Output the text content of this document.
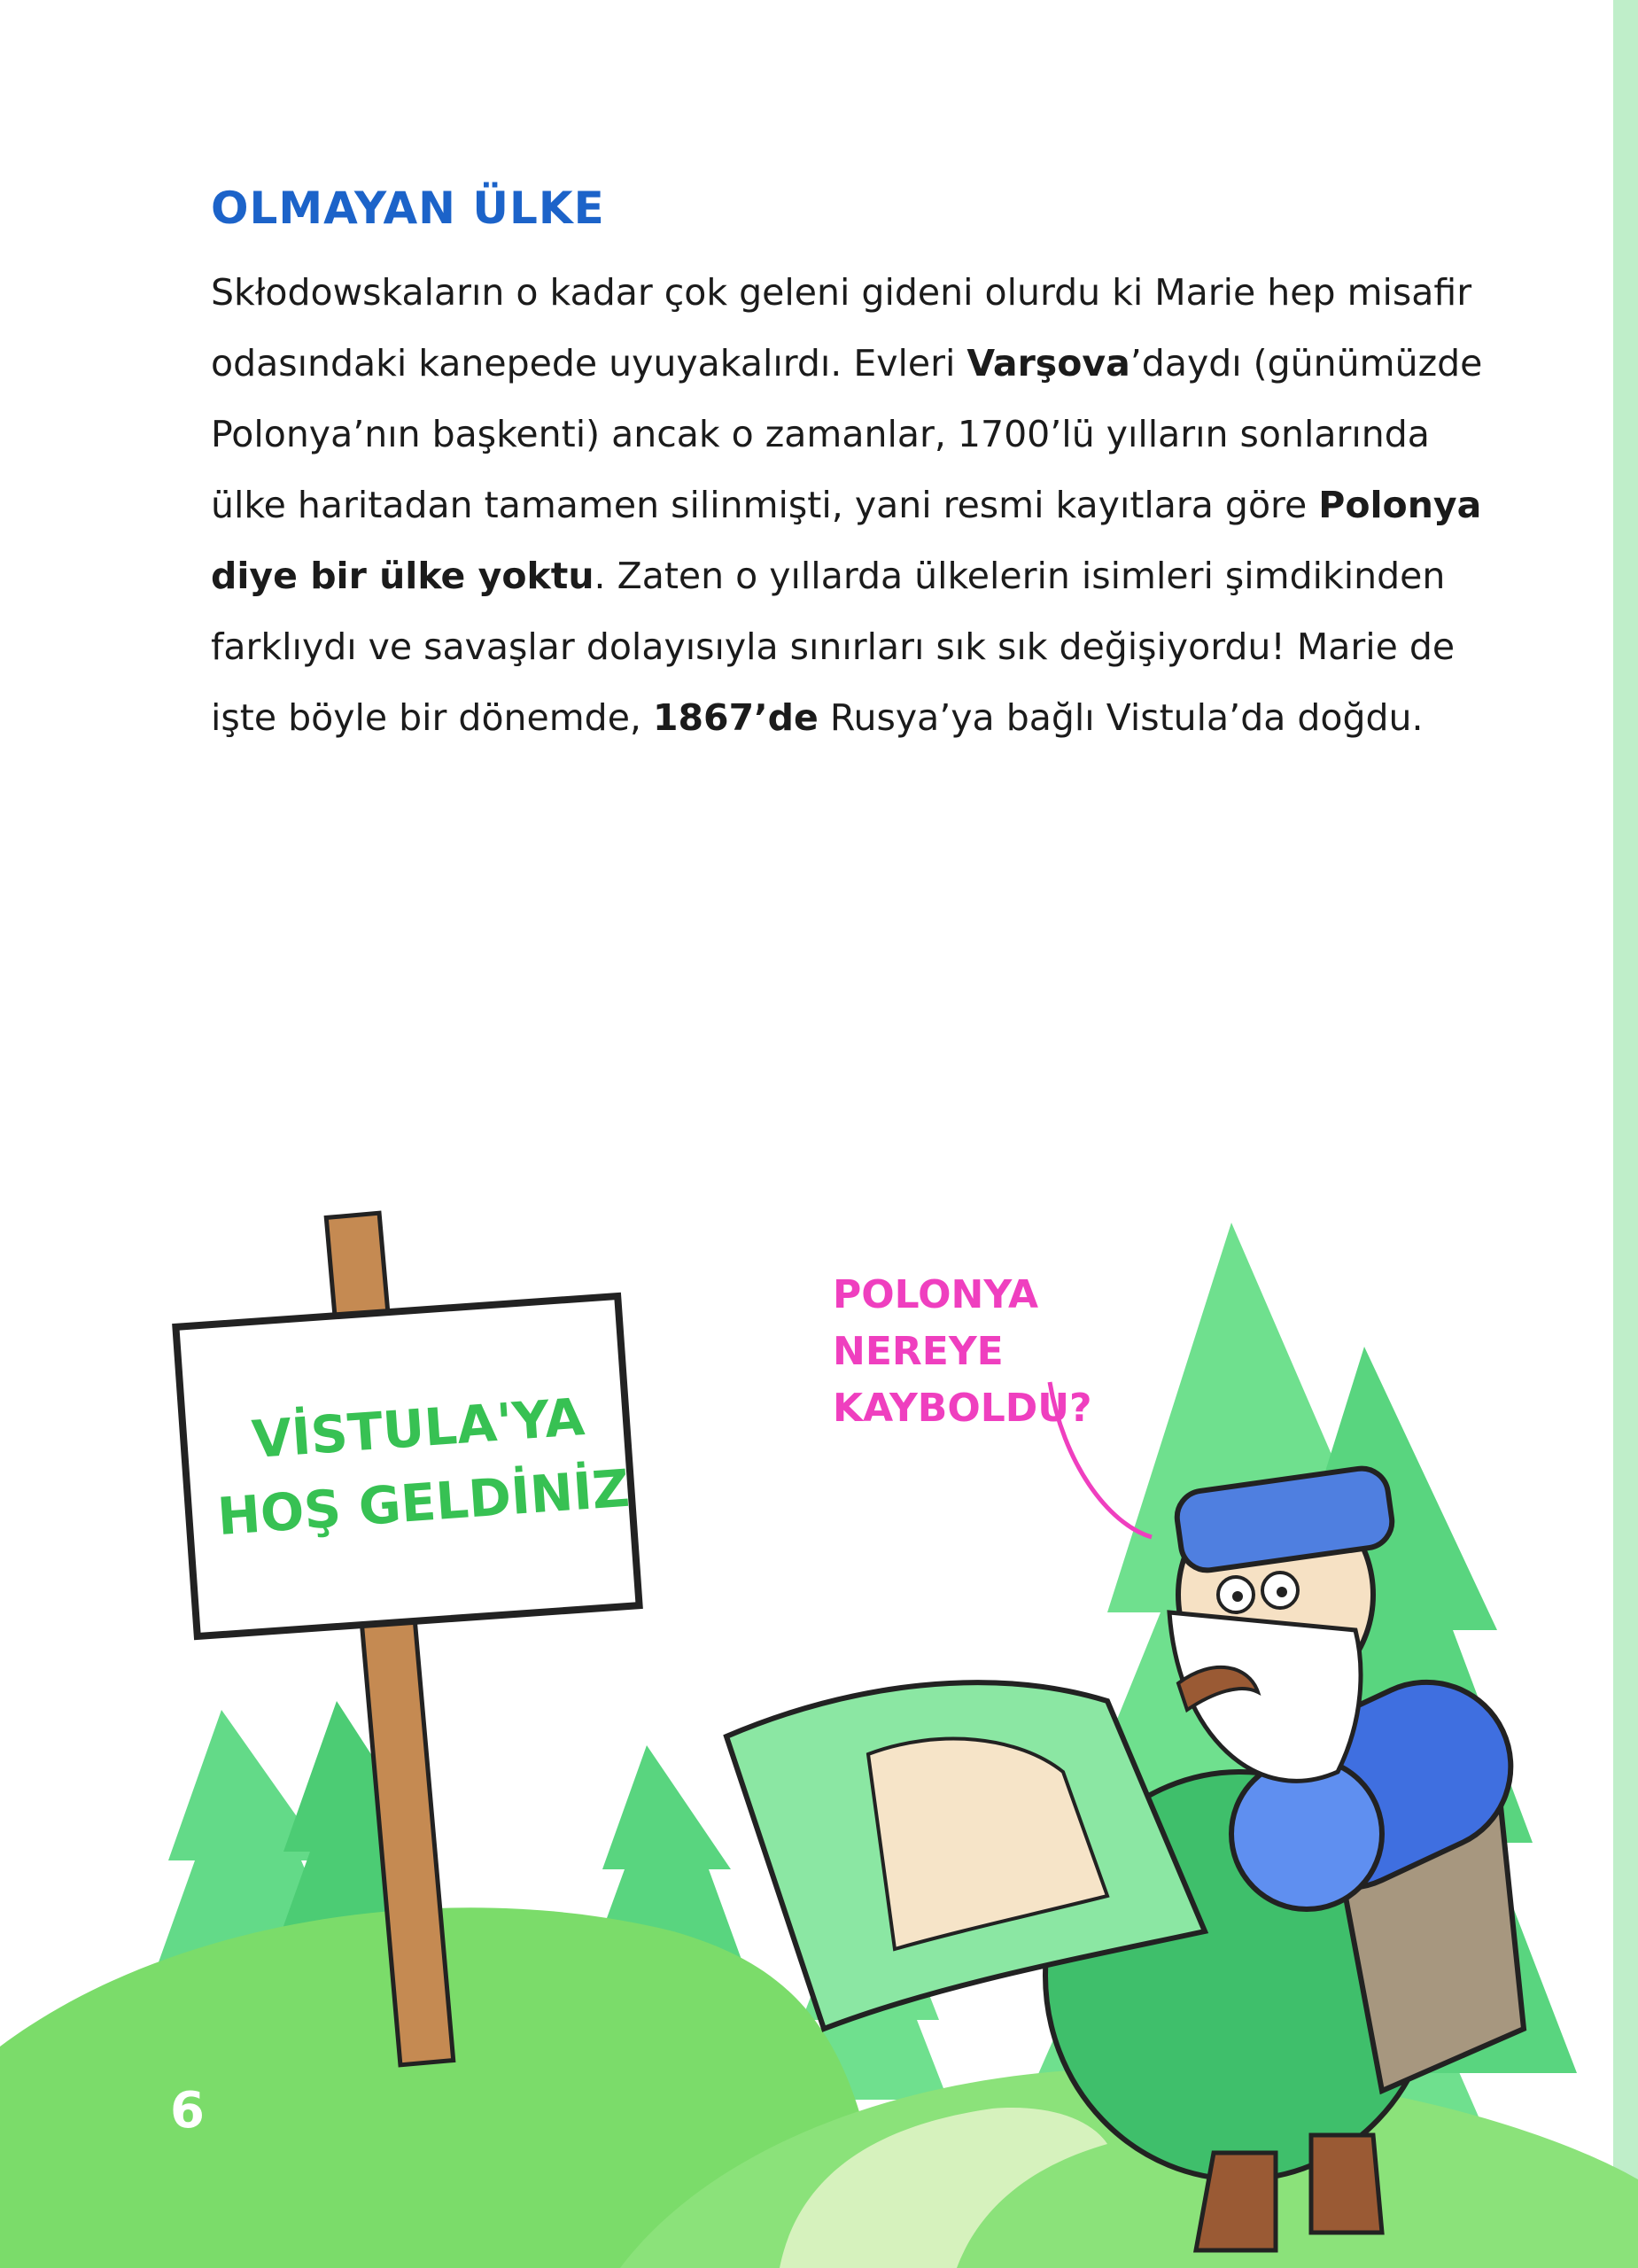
OLMAYAN ÜLKE

Skłodowskaların o kadar çok geleni gideni olurdu ki Marie hep misafir odasındaki kanepede uyuyakalırdı. Evleri Varşova’daydı (günümüzde Polonya’nın başkenti) ancak o zamanlar, 1700’lü yılların sonlarında ülke haritadan tamamen silinmişti, yani resmi kayıtlara göre Polonya diye bir ülke yoktu. Zaten o yıllarda ülkelerin isimleri şimdikinden farklıydı ve savaşlar dolayısıyla sınırları sık sık değişiyordu! Marie de işte böyle bir dönemde, 1867’de Rusya’ya bağlı Vistula’da doğdu.

VİSTULA'YA
HOŞ GELDİNİZ
POLONYA NEREYE
KAYBOLDU?
6
